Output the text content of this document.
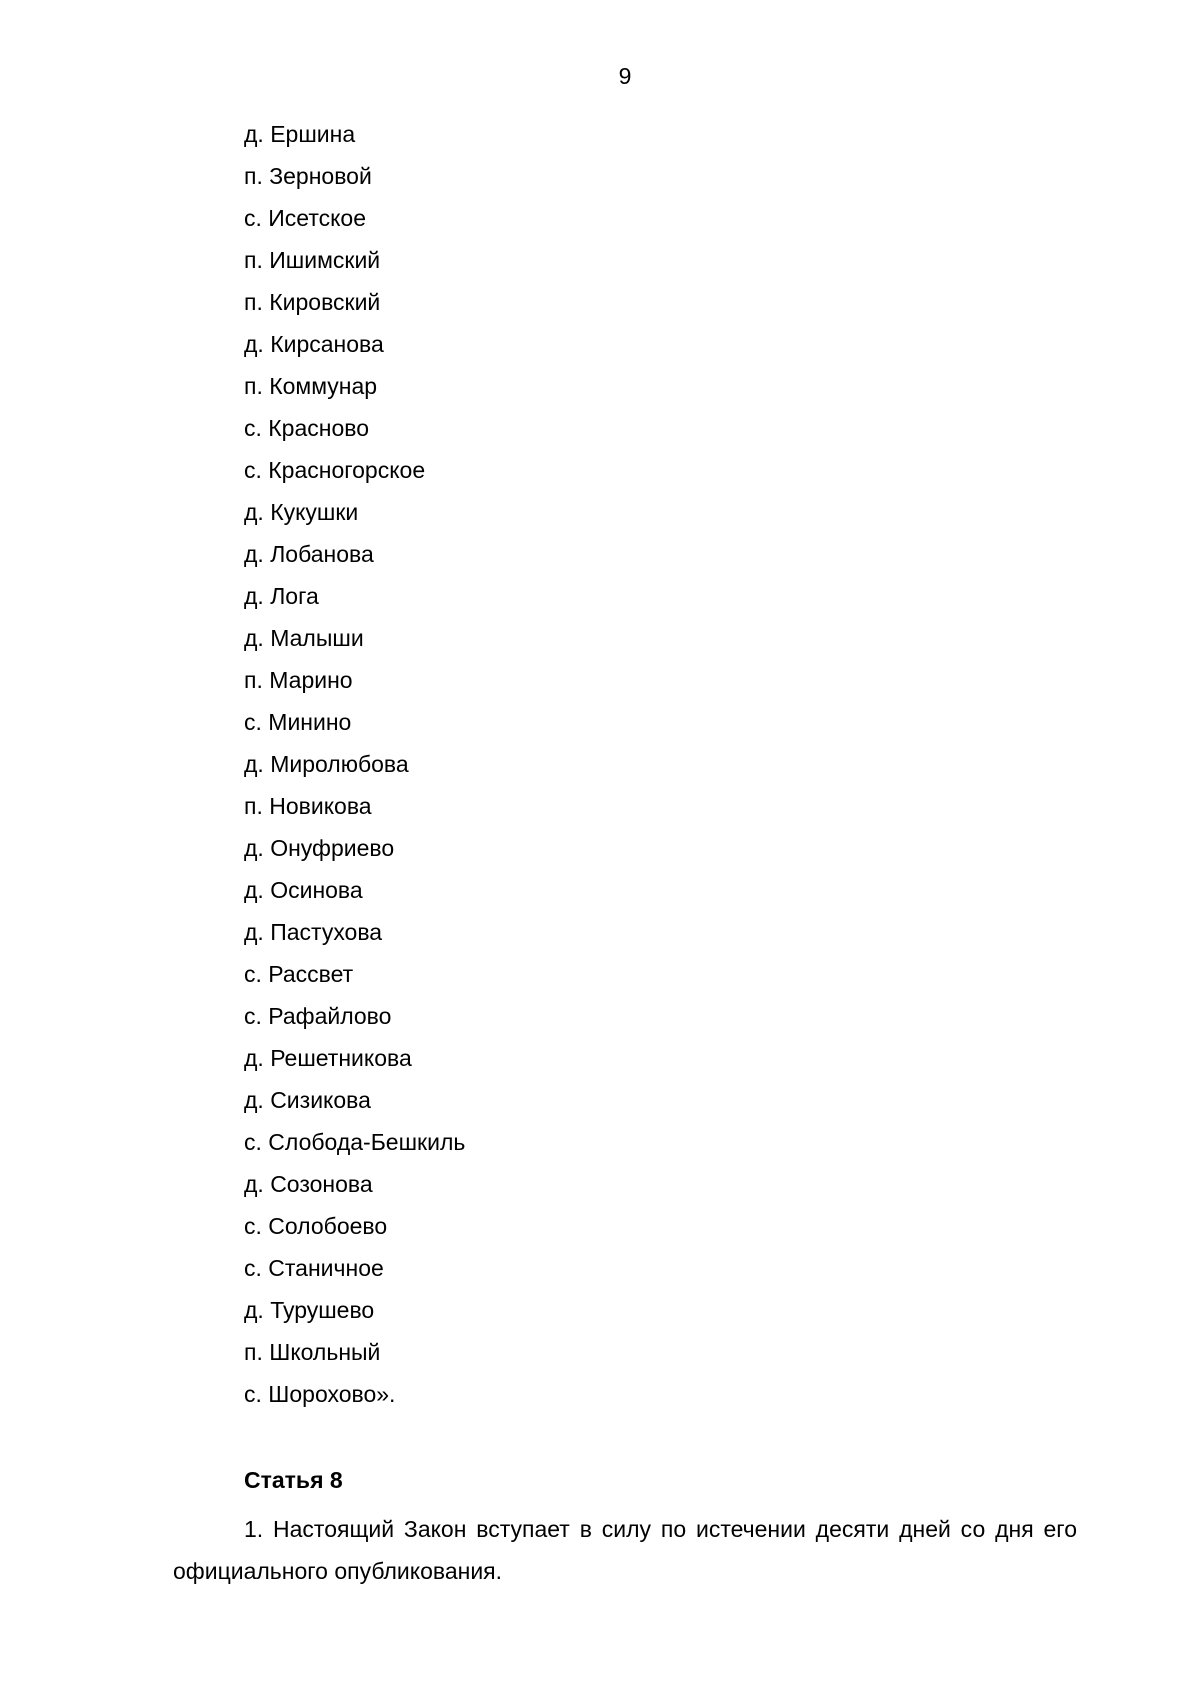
9
д. Ершина
п. Зерновой
с. Исетское
п. Ишимский
п. Кировский
д. Кирсанова
п. Коммунар
с. Красново
с. Красногорское
д. Кукушки
д. Лобанова
д. Лога
д. Малыши
п. Марино
с. Минино
д. Миролюбова
п. Новикова
д. Онуфриево
д. Осинова
д. Пастухова
с. Рассвет
с. Рафайлово
д. Решетникова
д. Сизикова
с. Слобода-Бешкиль
д. Созонова
с. Солобоево
с. Станичное
д. Турушево
п. Школьный
с. Шорохово».
Статья 8

1. Настоящий Закон вступает в силу по истечении десяти дней со дня его официального опубликования.
